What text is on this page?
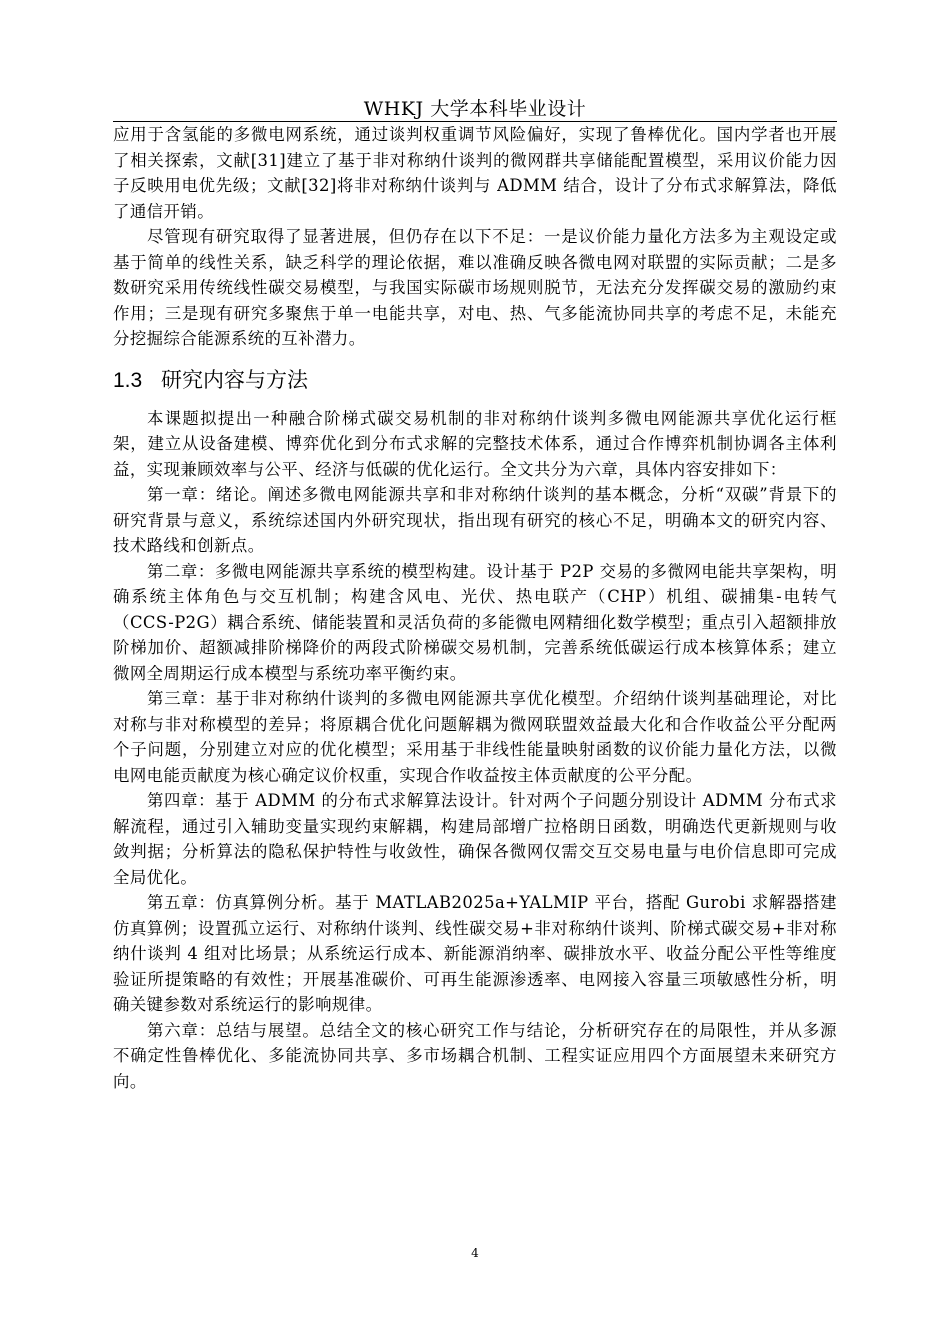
WHKJ 大学本科毕业设计

应用于含氢能的多微电网系统，通过谈判权重调节风险偏好，实现了鲁棒优化。国内学者也开展了相关探索，文献[31]建立了基于非对称纳什谈判的微网群共享储能配置模型，采用议价能力因子反映用电优先级；文献[32]将非对称纳什谈判与 ADMM 结合，设计了分布式求解算法，降低了通信开销。

尽管现有研究取得了显著进展，但仍存在以下不足：一是议价能力量化方法多为主观设定或基于简单的线性关系，缺乏科学的理论依据，难以准确反映各微电网对联盟的实际贡献；二是多数研究采用传统线性碳交易模型，与我国实际碳市场规则脱节，无法充分发挥碳交易的激励约束作用；三是现有研究多聚焦于单一电能共享，对电、热、气多能流协同共享的考虑不足，未能充分挖掘综合能源系统的互补潜力。

1.3 研究内容与方法

本课题拟提出一种融合阶梯式碳交易机制的非对称纳什谈判多微电网能源共享优化运行框架，建立从设备建模、博弈优化到分布式求解的完整技术体系，通过合作博弈机制协调各主体利益，实现兼顾效率与公平、经济与低碳的优化运行。全文共分为六章，具体内容安排如下：

第一章：绪论。阐述多微电网能源共享和非对称纳什谈判的基本概念，分析“双碳”背景下的研究背景与意义，系统综述国内外研究现状，指出现有研究的核心不足，明确本文的研究内容、技术路线和创新点。

第二章：多微电网能源共享系统的模型构建。设计基于 P2P 交易的多微网电能共享架构，明确系统主体角色与交互机制；构建含风电、光伏、热电联产（CHP）机组、碳捕集-电转气（CCS-P2G）耦合系统、储能装置和灵活负荷的多能微电网精细化数学模型；重点引入超额排放阶梯加价、超额减排阶梯降价的两段式阶梯碳交易机制，完善系统低碳运行成本核算体系；建立微网全周期运行成本模型与系统功率平衡约束。

第三章：基于非对称纳什谈判的多微电网能源共享优化模型。介绍纳什谈判基础理论，对比对称与非对称模型的差异；将原耦合优化问题解耦为微网联盟效益最大化和合作收益公平分配两个子问题，分别建立对应的优化模型；采用基于非线性能量映射函数的议价能力量化方法，以微电网电能贡献度为核心确定议价权重，实现合作收益按主体贡献度的公平分配。

第四章：基于 ADMM 的分布式求解算法设计。针对两个子问题分别设计 ADMM 分布式求解流程，通过引入辅助变量实现约束解耦，构建局部增广拉格朗日函数，明确迭代更新规则与收敛判据；分析算法的隐私保护特性与收敛性，确保各微网仅需交互交易电量与电价信息即可完成全局优化。

第五章：仿真算例分析。基于 MATLAB2025a+YALMIP 平台，搭配 Gurobi 求解器搭建仿真算例；设置孤立运行、对称纳什谈判、线性碳交易+非对称纳什谈判、阶梯式碳交易+非对称纳什谈判 4 组对比场景；从系统运行成本、新能源消纳率、碳排放水平、收益分配公平性等维度验证所提策略的有效性；开展基准碳价、可再生能源渗透率、电网接入容量三项敏感性分析，明确关键参数对系统运行的影响规律。

第六章：总结与展望。总结全文的核心研究工作与结论，分析研究存在的局限性，并从多源不确定性鲁棒优化、多能流协同共享、多市场耦合机制、工程实证应用四个方面展望未来研究方向。

4
